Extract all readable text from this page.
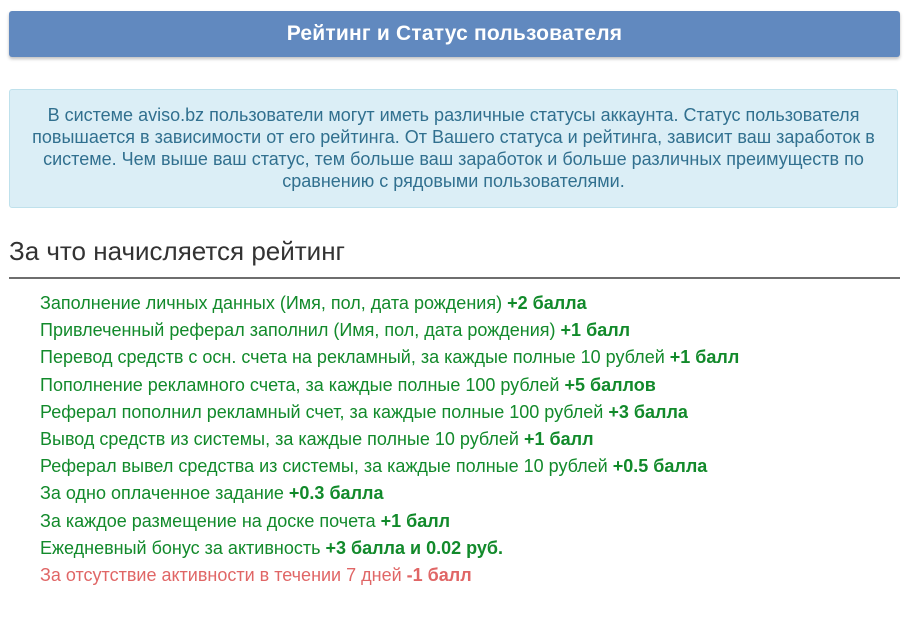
Рейтинг и Статус пользователя
В системе aviso.bz пользователи могут иметь различные статусы аккаунта. Статус пользователя повышается в зависимости от его рейтинга. От Вашего статуса и рейтинга, зависит ваш заработок в системе. Чем выше ваш статус, тем больше ваш заработок и больше различных преимуществ по сравнению с рядовыми пользователями.
За что начисляется рейтинг
Заполнение личных данных (Имя, пол, дата рождения) +2 балла
Привлеченный реферал заполнил (Имя, пол, дата рождения) +1 балл
Перевод средств с осн. счета на рекламный, за каждые полные 10 рублей +1 балл
Пополнение рекламного счета, за каждые полные 100 рублей +5 баллов
Реферал пополнил рекламный счет, за каждые полные 100 рублей +3 балла
Вывод средств из системы, за каждые полные 10 рублей +1 балл
Реферал вывел средства из системы, за каждые полные 10 рублей +0.5 балла
За одно оплаченное задание +0.3 балла
За каждое размещение на доске почета +1 балл
Ежедневный бонус за активность +3 балла и 0.02 руб.
За отсутствие активности в течении 7 дней -1 балл
